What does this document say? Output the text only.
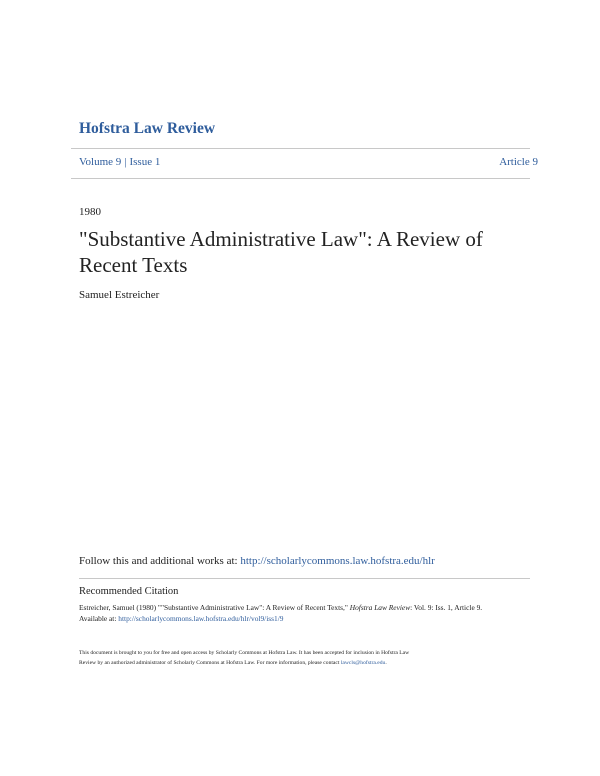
Hofstra Law Review
Volume 9 | Issue 1	Article 9
1980
"Substantive Administrative Law": A Review of
Recent Texts
Samuel Estreicher
Follow this and additional works at: http://scholarlycommons.law.hofstra.edu/hlr
Recommended Citation
Estreicher, Samuel (1980) ""Substantive Administrative Law": A Review of Recent Texts," Hofstra Law Review: Vol. 9: Iss. 1, Article 9.
Available at: http://scholarlycommons.law.hofstra.edu/hlr/vol9/iss1/9
This document is brought to you for free and open access by Scholarly Commons at Hofstra Law. It has been accepted for inclusion in Hofstra Law
Review by an authorized administrator of Scholarly Commons at Hofstra Law. For more information, please contact lawcls@hofstra.edu.
